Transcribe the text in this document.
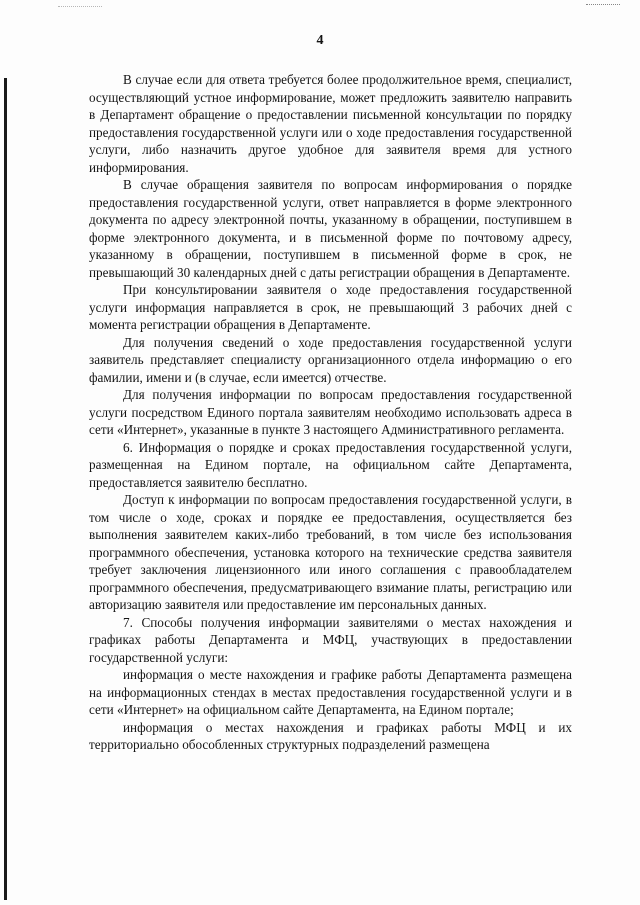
4

В случае если для ответа требуется более продолжительное время, специалист, осуществляющий устное информирование, может предложить заявителю направить в Департамент обращение о предоставлении письменной консультации по порядку предоставления государственной услуги или о ходе предоставления государственной услуги, либо назначить другое удобное для заявителя время для устного информирования.

В случае обращения заявителя по вопросам информирования о порядке предоставления государственной услуги, ответ направляется в форме электронного документа по адресу электронной почты, указанному в обращении, поступившем в форме электронного документа, и в письменной форме по почтовому адресу, указанному в обращении, поступившем в письменной форме в срок, не превышающий 30 календарных дней с даты регистрации обращения в Департаменте.

При консультировании заявителя о ходе предоставления государственной услуги информация направляется в срок, не превышающий 3 рабочих дней с момента регистрации обращения в Департаменте.

Для получения сведений о ходе предоставления государственной услуги заявитель представляет специалисту организационного отдела информацию о его фамилии, имени и (в случае, если имеется) отчестве.

Для получения информации по вопросам предоставления государственной услуги посредством Единого портала заявителям необходимо использовать адреса в сети «Интернет», указанные в пункте 3 настоящего Административного регламента.

6. Информация о порядке и сроках предоставления государственной услуги, размещенная на Едином портале, на официальном сайте Департамента, предоставляется заявителю бесплатно.

Доступ к информации по вопросам предоставления государственной услуги, в том числе о ходе, сроках и порядке ее предоставления, осуществляется без выполнения заявителем каких-либо требований, в том числе без использования программного обеспечения, установка которого на технические средства заявителя требует заключения лицензионного или иного соглашения с правообладателем программного обеспечения, предусматривающего взимание платы, регистрацию или авторизацию заявителя или предоставление им персональных данных.

7. Способы получения информации заявителями о местах нахождения и графиках работы Департамента и МФЦ, участвующих в предоставлении государственной услуги:

информация о месте нахождения и графике работы Департамента размещена на информационных стендах в местах предоставления государственной услуги и в сети «Интернет» на официальном сайте Департамента, на Едином портале;

информация о местах нахождения и графиках работы МФЦ и их территориально обособленных структурных подразделений размещена
